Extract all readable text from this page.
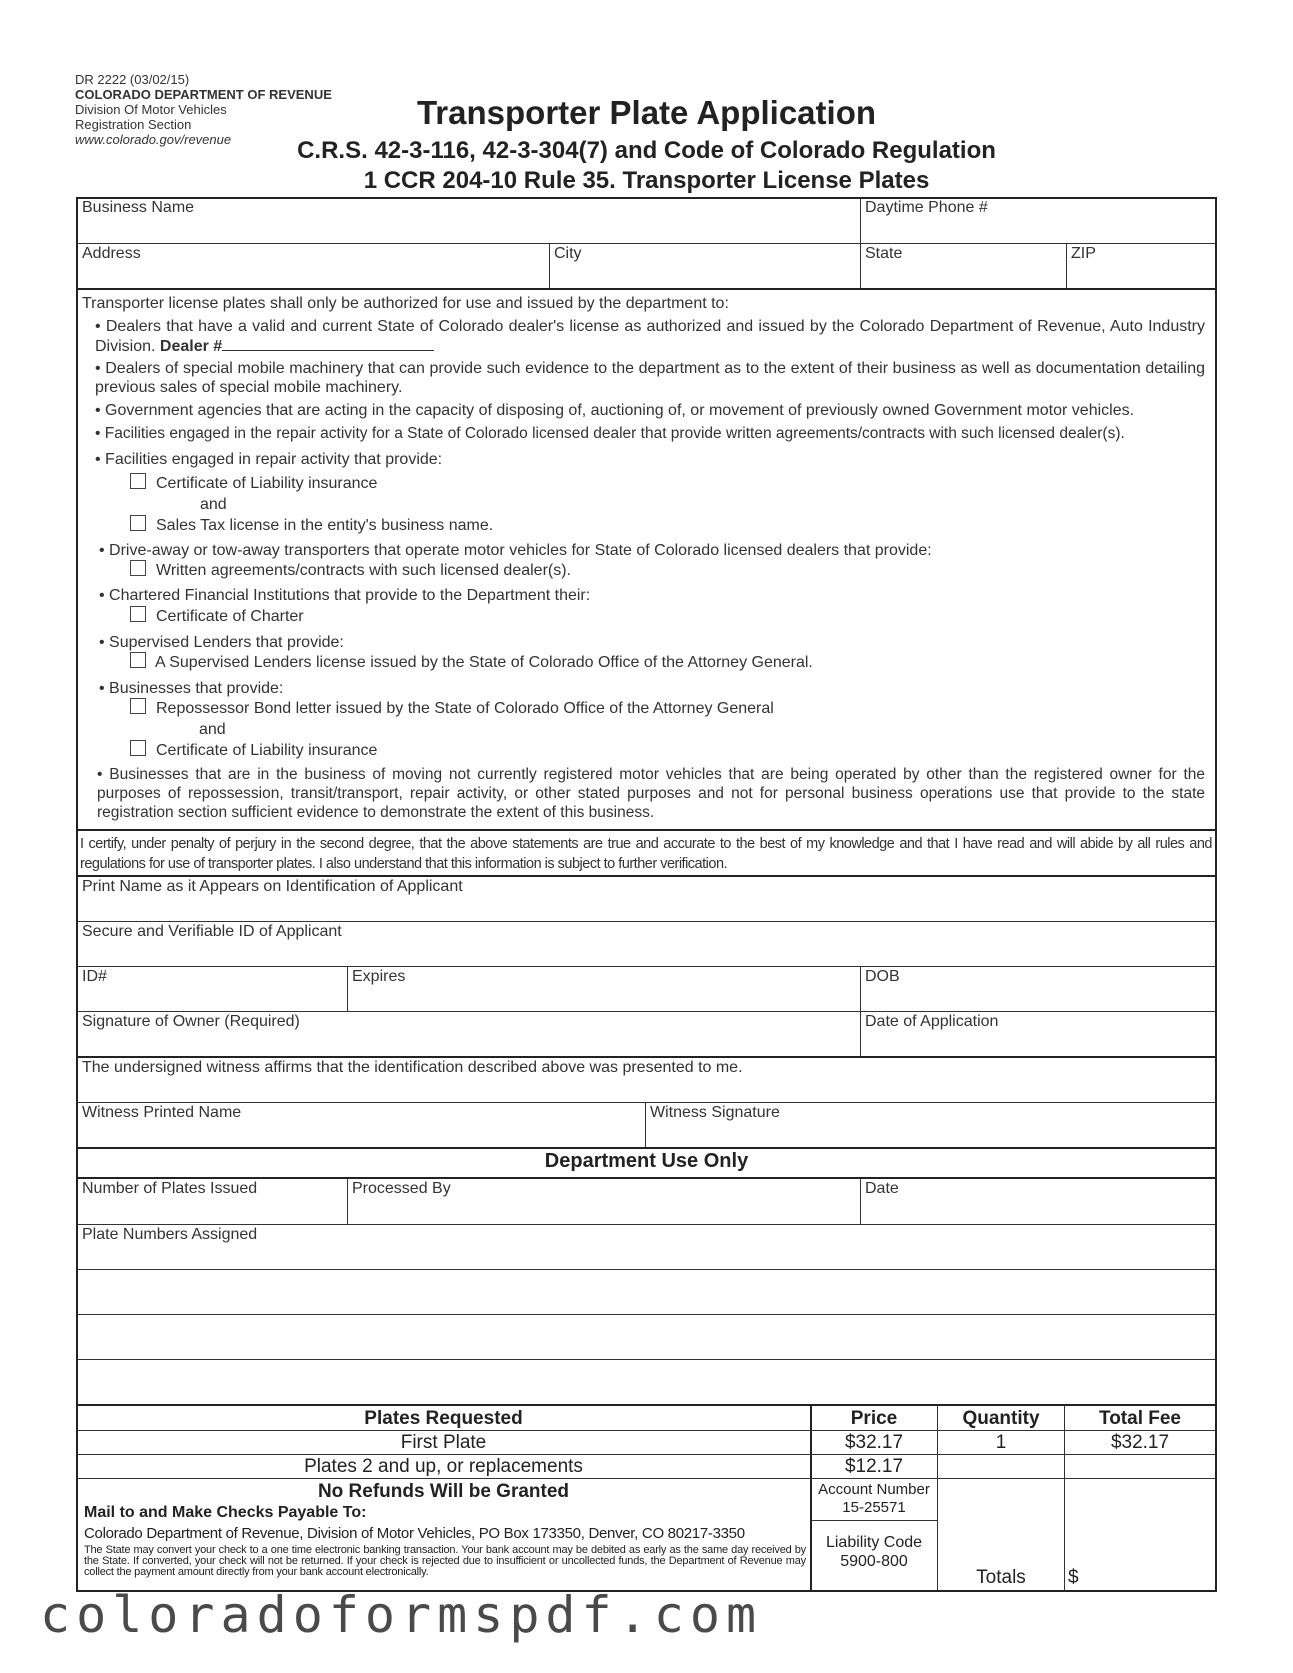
DR 2222 (03/02/15)
COLORADO DEPARTMENT OF REVENUE
Division Of Motor Vehicles
Registration Section
www.colorado.gov/revenue
Transporter Plate Application
C.R.S. 42-3-116, 42-3-304(7) and Code of Colorado Regulation
1 CCR 204-10 Rule 35. Transporter License Plates
Business Name	Daytime Phone #
Address	City	State	ZIP
Transporter license plates shall only be authorized for use and issued by the department to:
• Dealers that have a valid and current State of Colorado dealer's license as authorized and issued by the Colorado Department of Revenue, Auto Industry Division. Dealer #
• Dealers of special mobile machinery that can provide such evidence to the department as to the extent of their business as well as documentation detailing previous sales of special mobile machinery.
• Government agencies that are acting in the capacity of disposing of, auctioning of, or movement of previously owned Government motor vehicles.
• Facilities engaged in the repair activity for a State of Colorado licensed dealer that provide written agreements/contracts with such licensed dealer(s).
• Facilities engaged in repair activity that provide:
Certificate of Liability insurance
and
Sales Tax license in the entity's business name.
• Drive-away or tow-away transporters that operate motor vehicles for State of Colorado licensed dealers that provide:
Written agreements/contracts with such licensed dealer(s).
• Chartered Financial Institutions that provide to the Department their:
Certificate of Charter
• Supervised Lenders that provide:
A Supervised Lenders license issued by the State of Colorado Office of the Attorney General.
• Businesses that provide:
Repossessor Bond letter issued by the State of Colorado Office of the Attorney General
and
Certificate of Liability insurance
• Businesses that are in the business of moving not currently registered motor vehicles that are being operated by other than the registered owner for the purposes of repossession, transit/transport, repair activity, or other stated purposes and not for personal business operations use that provide to the state registration section sufficient evidence to demonstrate the extent of this business.
I certify, under penalty of perjury in the second degree, that the above statements are true and accurate to the best of my knowledge and that I have read and will abide by all rules and regulations for use of transporter plates. I also understand that this information is subject to further verification.
Print Name as it Appears on Identification of Applicant
Secure and Verifiable ID of Applicant
ID#	Expires	DOB
Signature of Owner (Required)	Date of Application
The undersigned witness affirms that the identification described above was presented to me.
Witness Printed Name	Witness Signature
Department Use Only
Number of Plates Issued	Processed By	Date
Plate Numbers Assigned
Plates Requested	Price	Quantity	Total Fee
First Plate	$32.17	1	$32.17
Plates 2 and up, or replacements	$12.17
No Refunds Will be Granted
Mail to and Make Checks Payable To:
Colorado Department of Revenue, Division of Motor Vehicles, PO Box 173350, Denver, CO 80217-3350
The State may convert your check to a one time electronic banking transaction. Your bank account may be debited as early as the same day received by the State. If converted, your check will not be returned. If your check is rejected due to insufficient or uncollected funds, the Department of Revenue may collect the payment amount directly from your bank account electronically.
Account Number
15-25571
Liability Code
5900-800
Totals	$
coloradoformspdf.com
